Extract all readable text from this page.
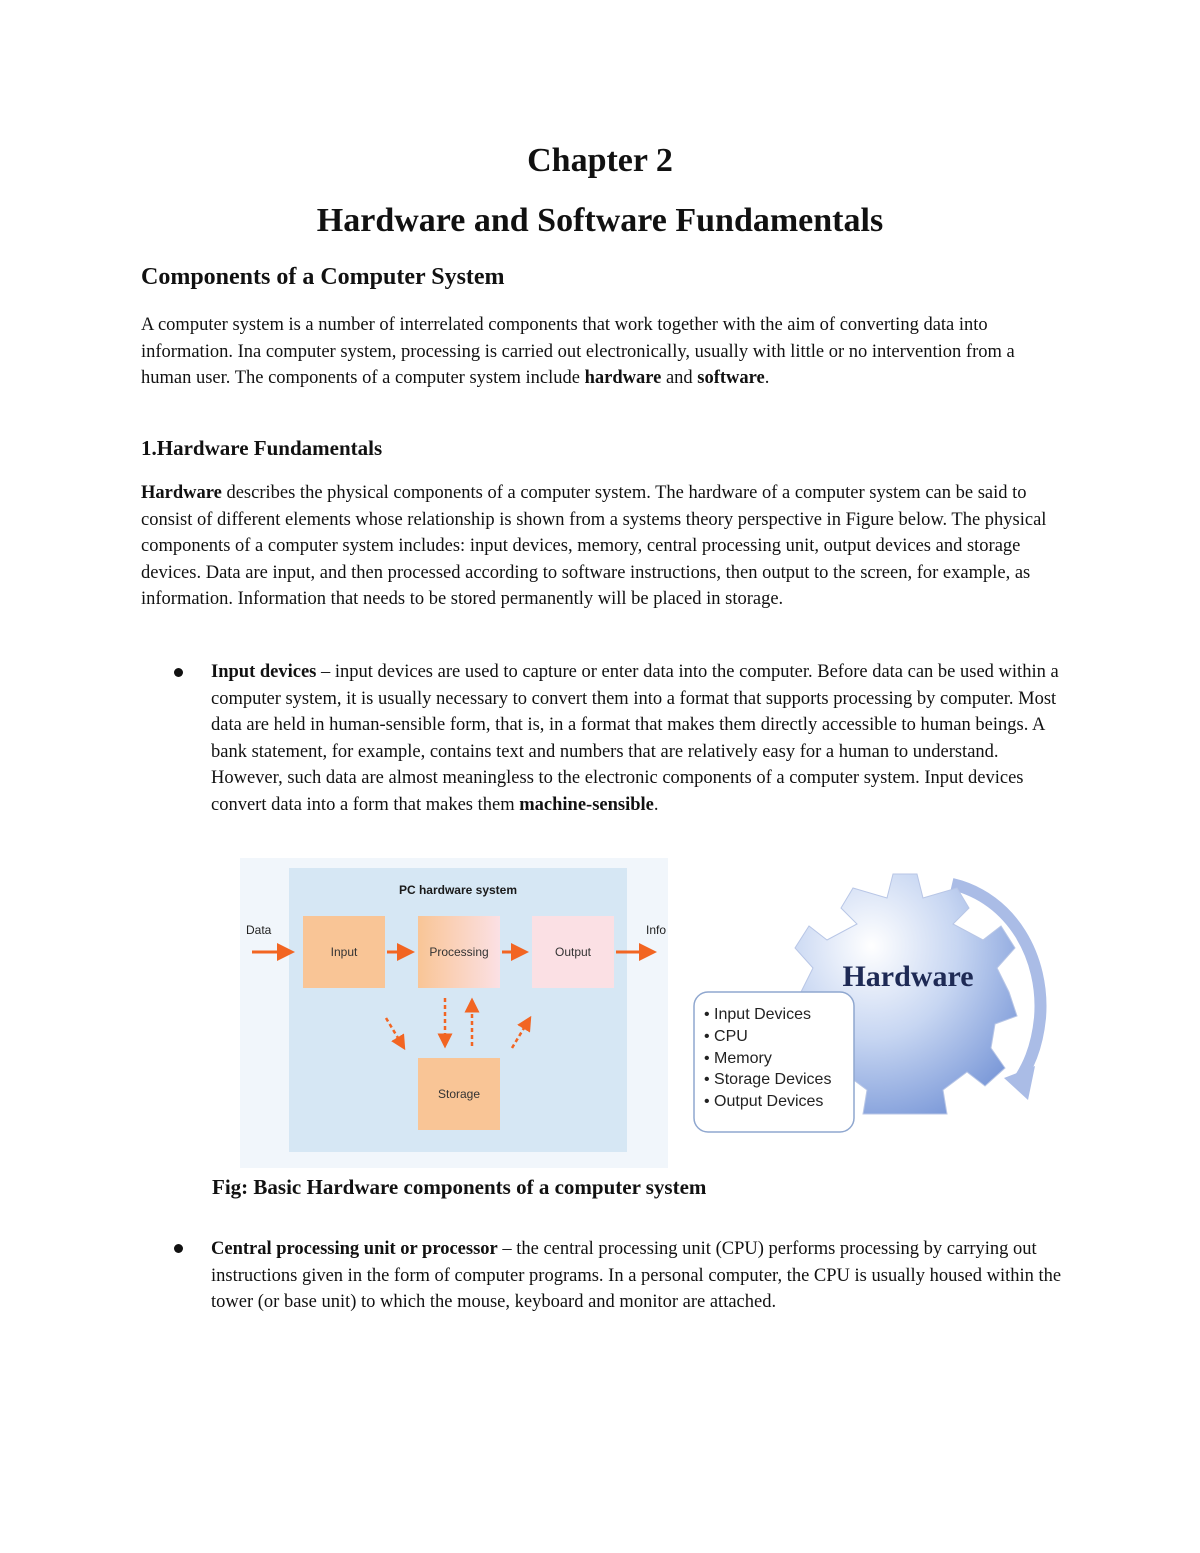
Chapter 2
Hardware and Software Fundamentals
Components of a Computer System

A computer system is a number of interrelated components that work together with the aim of converting data into information. Ina computer system, processing is carried out electronically, usually with little or no intervention from a human user. The components of a computer system include hardware and software.

1.Hardware Fundamentals

Hardware describes the physical components of a computer system. The hardware of a computer system can be said to consist of different elements whose relationship is shown from a systems theory perspective in Figure below. The physical components of a computer system includes: input devices, memory, central processing unit, output devices and storage devices. Data are input, and then processed according to software instructions, then output to the screen, for example, as information. Information that needs to be stored permanently will be placed in storage.

Input devices – input devices are used to capture or enter data into the computer. Before data can be used within a computer system, it is usually necessary to convert them into a format that supports processing by computer. Most data are held in human-sensible form, that is, in a format that makes them directly accessible to human beings. A bank statement, for example, contains text and numbers that are relatively easy for a human to understand. However, such data are almost meaningless to the electronic components of a computer system. Input devices convert data into a form that makes them machine-sensible.

PC hardware system
Data	Info
Input	Processing	Output
Storage
Hardware
• Input Devices
• CPU
• Memory
• Storage Devices
• Output Devices

Fig: Basic Hardware components of a computer system

Central processing unit or processor – the central processing unit (CPU) performs processing by carrying out instructions given in the form of computer programs. In a personal computer, the CPU is usually housed within the tower (or base unit) to which the mouse, keyboard and monitor are attached.
